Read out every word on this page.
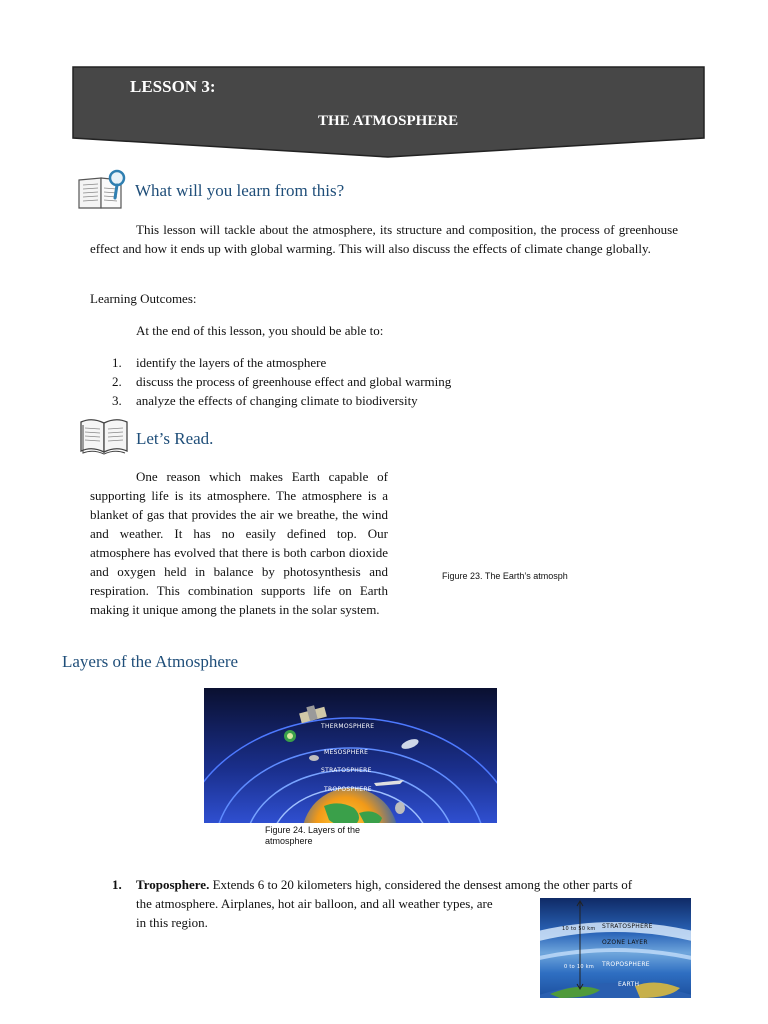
LESSON 3:
THE ATMOSPHERE
What will you learn from this?
This lesson will tackle about the atmosphere, its structure and composition, the process of greenhouse effect and how it ends up with global warming. This will also discuss the effects of climate change globally.
Learning Outcomes:
At the end of this lesson, you should be able to:
1. identify the layers of the atmosphere
2. discuss the process of greenhouse effect and global warming
3. analyze the effects of changing climate to biodiversity
Let’s Read.
One reason which makes Earth capable of supporting life is its atmosphere. The atmosphere is a blanket of gas that provides the air we breathe, the wind and weather. It has no easily defined top. Our atmosphere has evolved that there is both carbon dioxide and oxygen held in balance by photosynthesis and respiration. This combination supports life on Earth making it unique among the planets in the solar system.
Figure 23. The Earth’s atmosph
Layers of the Atmosphere
THERMOSPHERE
MESOSPHERE
STRATOSPHERE
TROPOSPHERE
Figure 24. Layers of the
atmosphere
1. Troposphere. Extends 6 to 20 kilometers high, considered the densest among the other parts of
the atmosphere. Airplanes, hot air balloon, and all weather types, are
in this region.	10 to 50 km STRATOSPHERE
OZONE LAYER
0 to 10 km TROPOSPHERE
EARTH
